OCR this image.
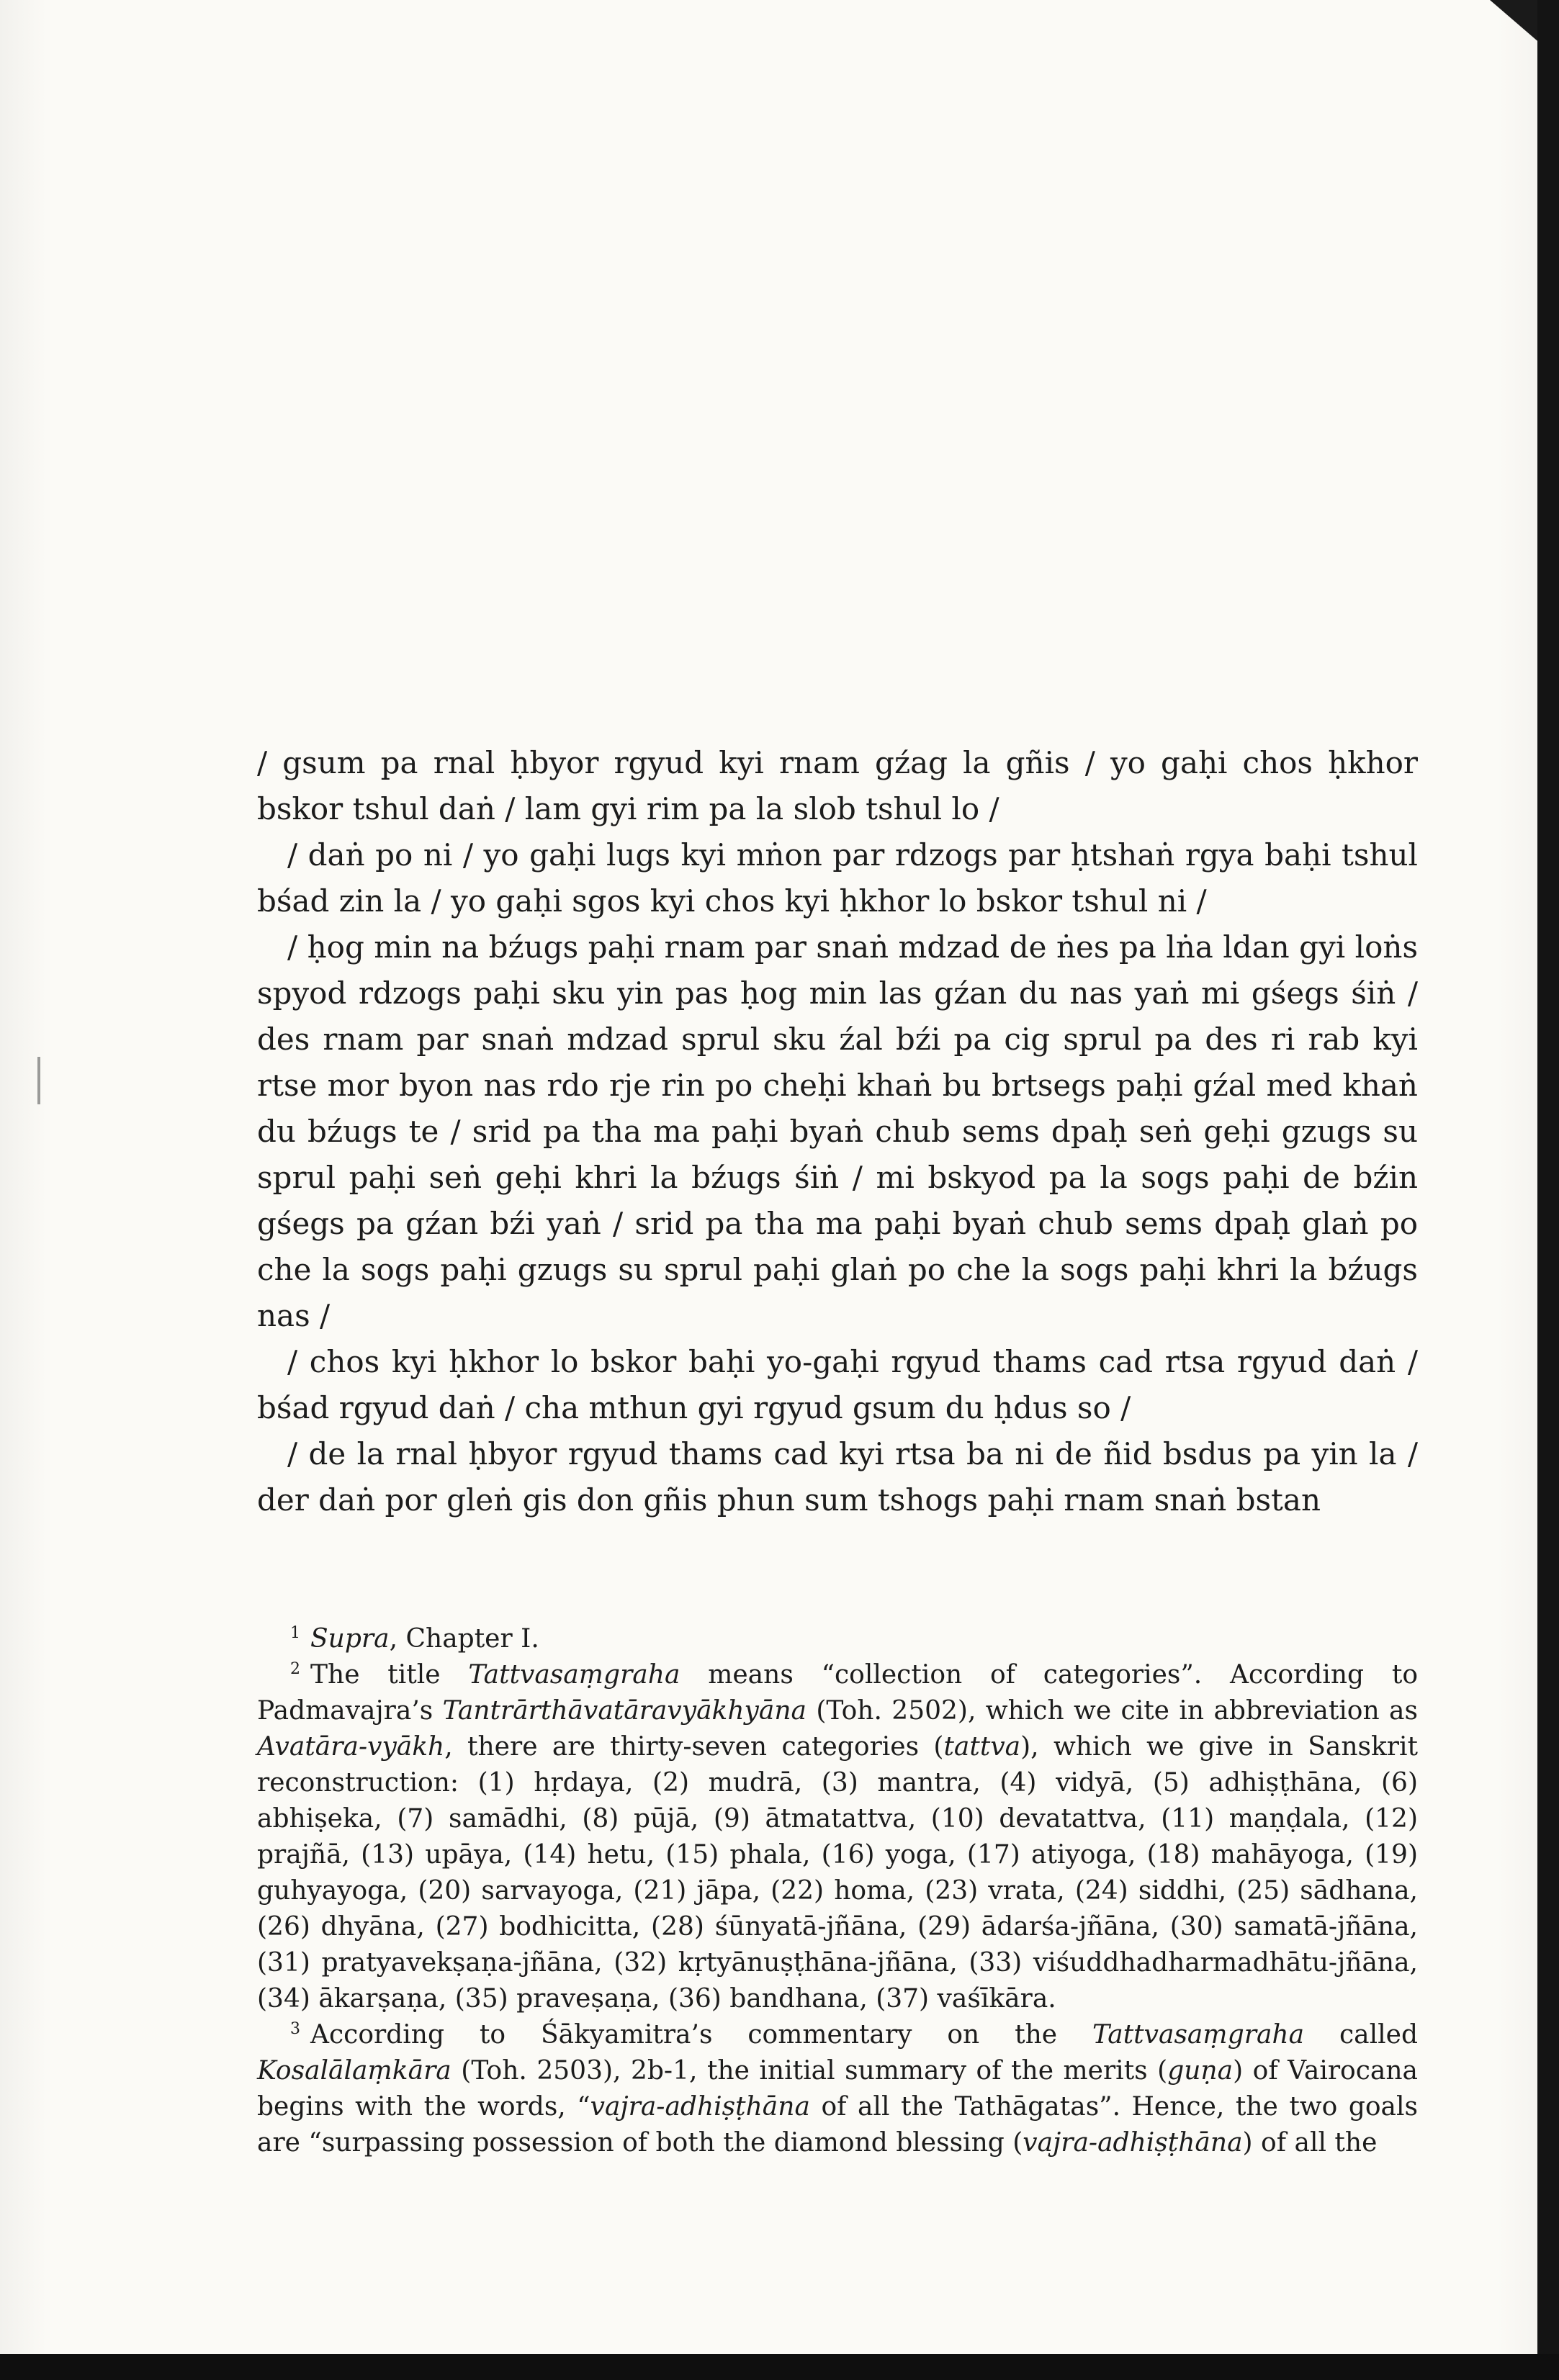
/ gsum pa rnal ḥbyor rgyud kyi rnam gźag la gñis / yo gaḥi chos ḥkhor bskor tshul daṅ / lam gyi rim pa la slob tshul lo /

/ daṅ po ni / yo gaḥi lugs kyi mṅon par rdzogs par ḥtshaṅ rgya baḥi tshul bśad zin la / yo gaḥi sgos kyi chos kyi ḥkhor lo bskor tshul ni /

/ ḥog min na bźugs paḥi rnam par snaṅ mdzad de ṅes pa lṅa ldan gyi loṅs spyod rdzogs paḥi sku yin pas ḥog min las gźan du nas yaṅ mi gśegs śiṅ / des rnam par snaṅ mdzad sprul sku źal bźi pa cig sprul pa des ri rab kyi rtse mor byon nas rdo rje rin po cheḥi khaṅ bu brtsegs paḥi gźal med khaṅ du bźugs te / srid pa tha ma paḥi byaṅ chub sems dpaḥ seṅ geḥi gzugs su sprul paḥi seṅ geḥi khri la bźugs śiṅ / mi bskyod pa la sogs paḥi de bźin gśegs pa gźan bźi yaṅ / srid pa tha ma paḥi byaṅ chub sems dpaḥ glaṅ po che la sogs paḥi gzugs su sprul paḥi glaṅ po che la sogs paḥi khri la bźugs nas /

/ chos kyi ḥkhor lo bskor baḥi yo-gaḥi rgyud thams cad rtsa rgyud daṅ / bśad rgyud daṅ / cha mthun gyi rgyud gsum du ḥdus so /

/ de la rnal ḥbyor rgyud thams cad kyi rtsa ba ni de ñid bsdus pa yin la / der daṅ por gleṅ gis don gñis phun sum tshogs paḥi rnam snaṅ bstan

$^1$ Supra, Chapter I.

$^2$ The title Tattvasaṃgraha means “collection of categories”. According to Padmavajra’s Tantrārthāvatāravyākhyāna (Toh. 2502), which we cite in abbreviation as Avatāra-vyākh, there are thirty-seven categories (tattva), which we give in Sanskrit reconstruction: (1) hṛdaya, (2) mudrā, (3) mantra, (4) vidyā, (5) adhiṣṭhāna, (6) abhiṣeka, (7) samādhi, (8) pūjā, (9) ātmatattva, (10) devatattva, (11) maṇḍala, (12) prajñā, (13) upāya, (14) hetu, (15) phala, (16) yoga, (17) atiyoga, (18) mahāyoga, (19) guhyayoga, (20) sarvayoga, (21) jāpa, (22) homa, (23) vrata, (24) siddhi, (25) sādhana, (26) dhyāna, (27) bodhicitta, (28) śūnyatā-jñāna, (29) ādarśa-jñāna, (30) samatā-jñāna, (31) pratyavekṣaṇa-jñāna, (32) kṛtyānuṣṭhāna-jñāna, (33) viśuddhadharmadhātu-jñāna, (34) ākarṣaṇa, (35) praveṣaṇa, (36) bandhana, (37) vaśīkāra.

$^3$ According to Śākyamitra’s commentary on the Tattvasaṃgraha called Kosalālaṃkāra (Toh. 2503), 2b-1, the initial summary of the merits (guṇa) of Vairocana begins with the words, “vajra-adhiṣṭhāna of all the Tathāgatas”. Hence, the two goals are “surpassing possession of both the diamond blessing (vajra-adhiṣṭhāna) of all the
